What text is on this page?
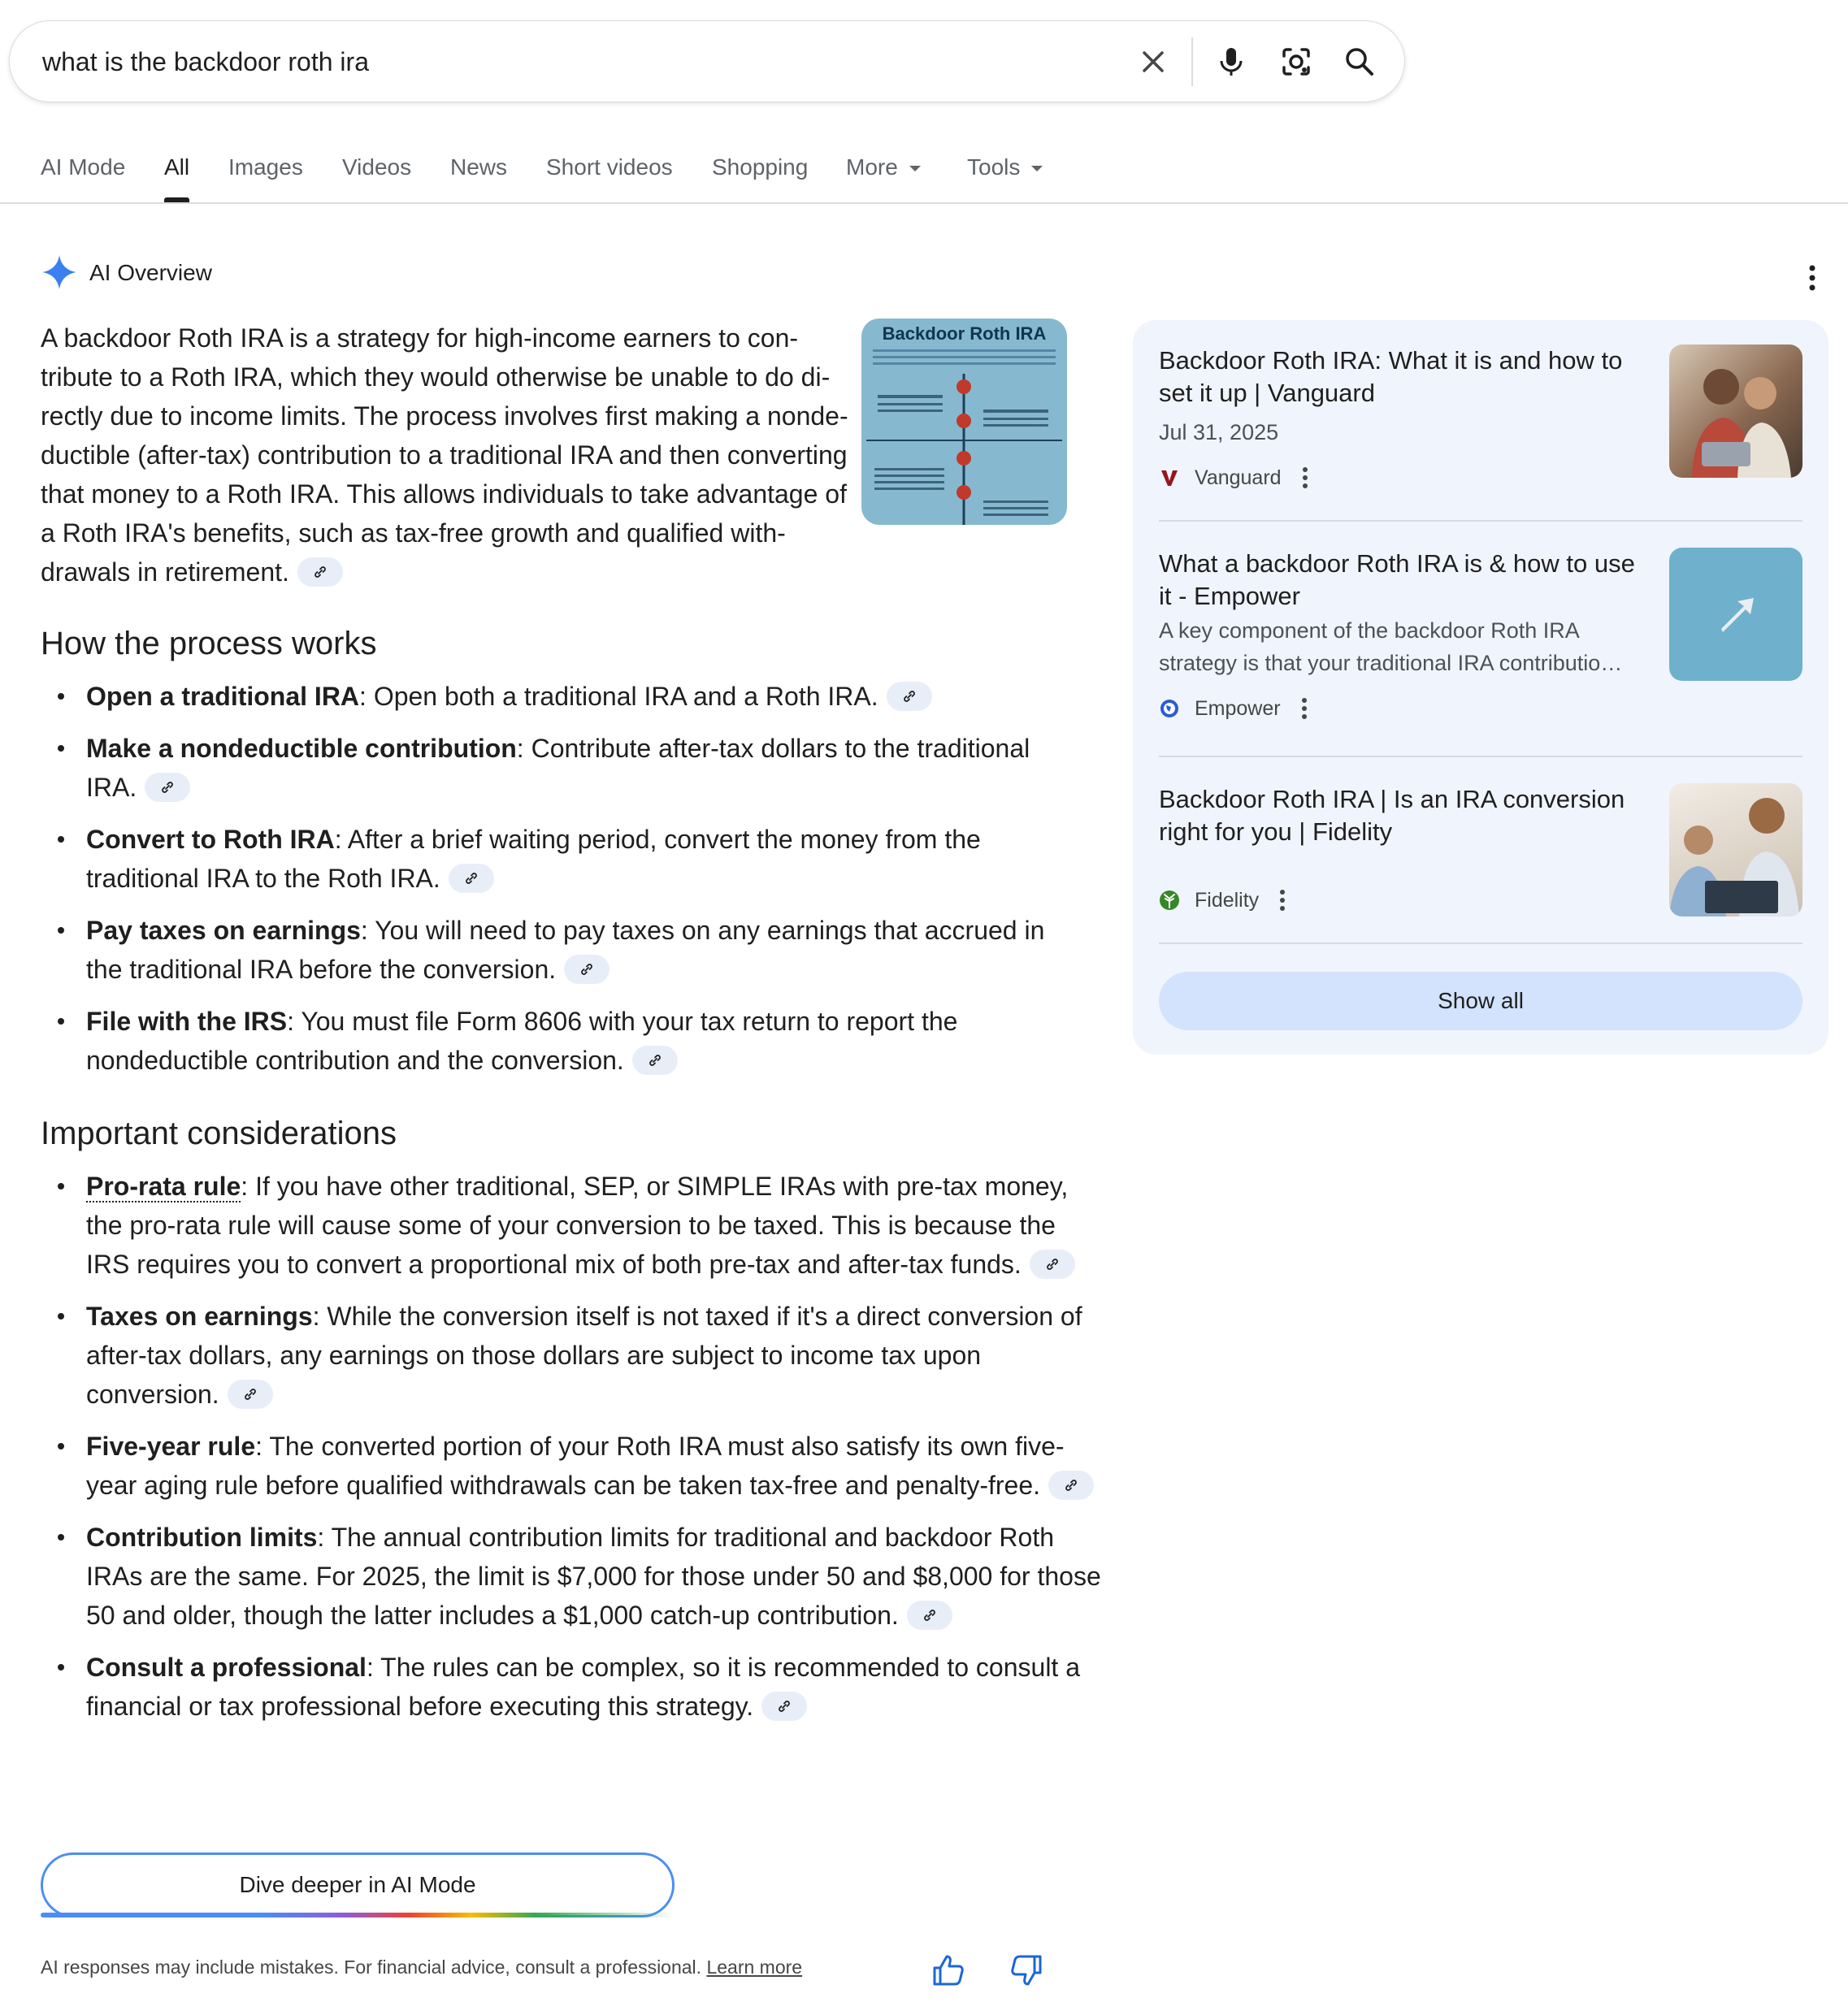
what is the backdoor roth ira
AI Mode All Images Videos News Short videos Shopping More	Tools
AI Overview

A backdoor Roth IRA is a strategy for high-income earners to con-tribute to a Roth IRA, which they would otherwise be unable to do di-rectly due to income limits. The process involves first making a nonde-ductible (after-tax) contribution to a traditional IRA and then converting that money to a Roth IRA. This allows individuals to take advantage of a Roth IRA's benefits, such as tax-free growth and qualified with-drawals in retirement.

Backdoor Roth IRA
How the process works
Open a traditional IRA: Open both a traditional IRA and a Roth IRA.
Make a nondeductible contribution: Contribute after-tax dollars to the traditional IRA.
Convert to Roth IRA: After a brief waiting period, convert the money from the traditional IRA to the Roth IRA.
Pay taxes on earnings: You will need to pay taxes on any earnings that accrued in the traditional IRA before the conversion.
File with the IRS: You must file Form 8606 with your tax return to report the nondeductible contribution and the conversion.
Important considerations
Pro-rata rule: If you have other traditional, SEP, or SIMPLE IRAs with pre-tax money, the pro-rata rule will cause some of your conversion to be taxed. This is because the IRS requires you to convert a proportional mix of both pre-tax and after-tax funds.
Taxes on earnings: While the conversion itself is not taxed if it's a direct conversion of after-tax dollars, any earnings on those dollars are subject to income tax upon conversion.
Five-year rule: The converted portion of your Roth IRA must also satisfy its own five-year aging rule before qualified withdrawals can be taken tax-free and penalty-free.
Contribution limits: The annual contribution limits for traditional and backdoor Roth IRAs are the same. For 2025, the limit is $7,000 for those under 50 and $8,000 for those 50 and older, though the latter includes a $1,000 catch-up contribution.
Consult a professional: The rules can be complex, so it is recommended to consult a financial or tax professional before executing this strategy.
Dive deeper in AI Mode
AI responses may include mistakes. For financial advice, consult a professional. Learn more
Backdoor Roth IRA: What it is and how to set it up | Vanguard
Jul 31, 2025
Vanguard
What a backdoor Roth IRA is & how to use it - Empower
A key component of the backdoor Roth IRA strategy is that your traditional IRA contributio…
Empower
Backdoor Roth IRA | Is an IRA conversion right for you | Fidelity
Fidelity
Show all
